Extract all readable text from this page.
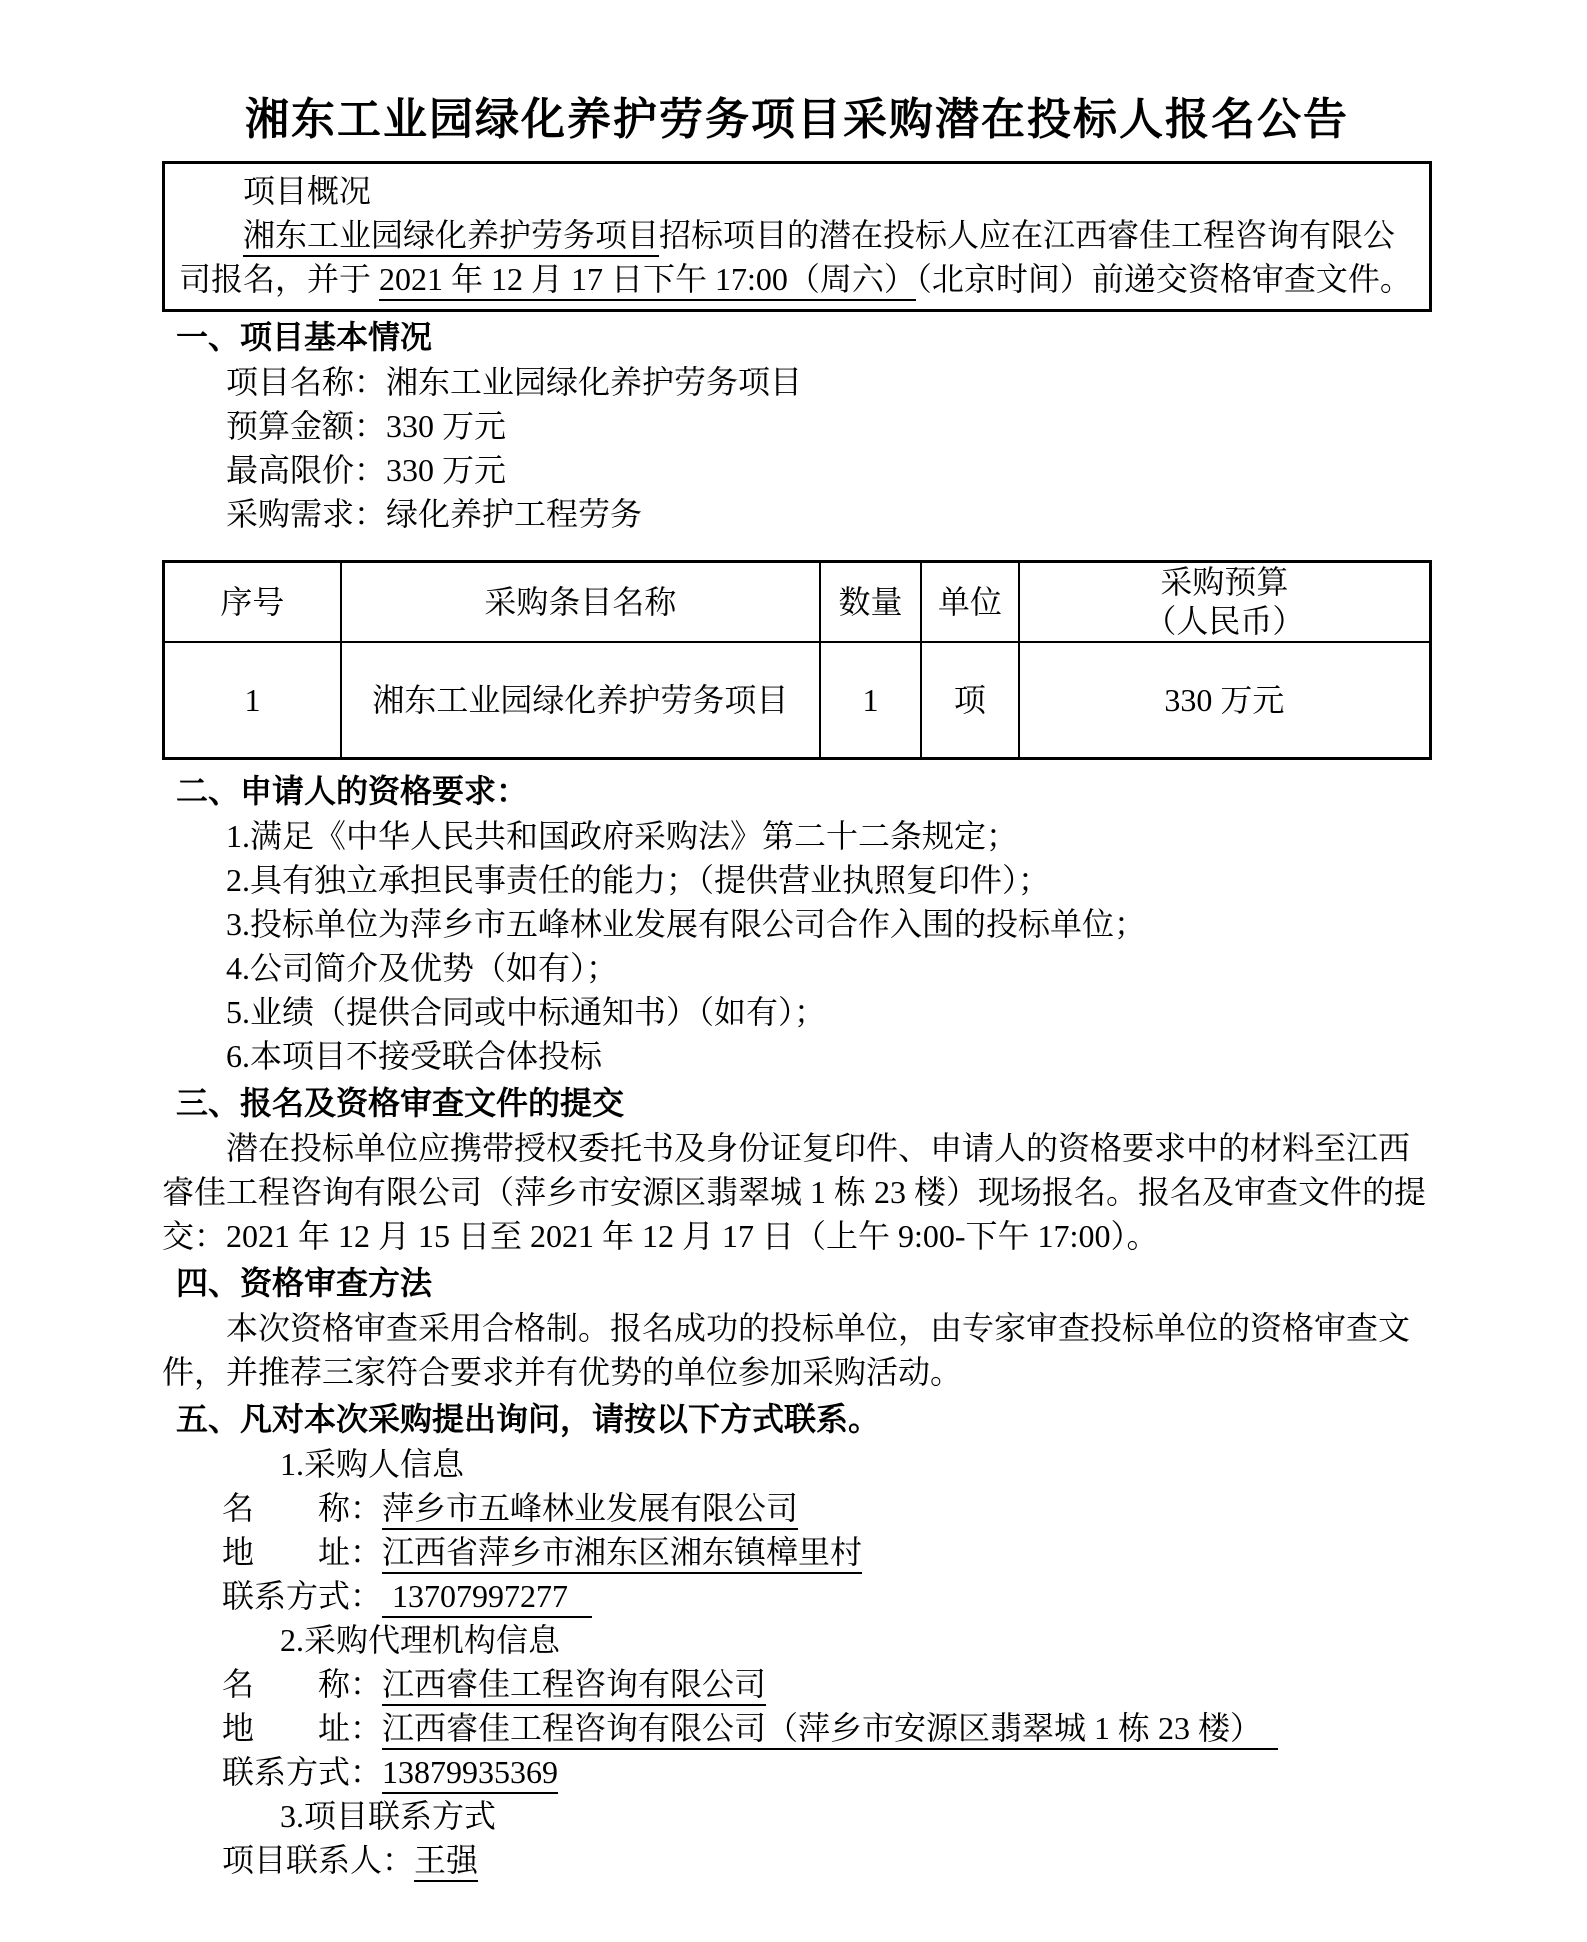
湘东工业园绿化养护劳务项目采购潜在投标人报名公告

项目概况

湘东工业园绿化养护劳务项目招标项目的潜在投标人应在江西睿佳工程咨询有限公司报名，并于 2021 年 12 月 17 日下午 17:00（周六）（北京时间）前递交资格审查文件。

一、项目基本情况

项目名称：湘东工业园绿化养护劳务项目

预算金额：330 万元

最高限价：330 万元

采购需求：绿化养护工程劳务

序号	采购条目名称	数量	单位	采购预算
（人民币）

1	湘东工业园绿化养护劳务项目	1	项	330 万元
二、申请人的资格要求：

1.满足《中华人民共和国政府采购法》第二十二条规定；

2.具有独立承担民事责任的能力；（提供营业执照复印件）；

3.投标单位为萍乡市五峰林业发展有限公司合作入围的投标单位；

4.公司简介及优势（如有）；

5.业绩（提供合同或中标通知书）（如有）；

6.本项目不接受联合体投标

三、报名及资格审查文件的提交

潜在投标单位应携带授权委托书及身份证复印件、申请人的资格要求中的材料至江西睿佳工程咨询有限公司（萍乡市安源区翡翠城 1 栋 23 楼）现场报名。报名及审查文件的提交：2021 年 12 月 15 日至 2021 年 12 月 17 日（上午 9:00-下午 17:00）。

四、资格审查方法

本次资格审查采用合格制。报名成功的投标单位，由专家审查投标单位的资格审查文件，并推荐三家符合要求并有优势的单位参加采购活动。

五、凡对本次采购提出询问，请按以下方式联系。

1.采购人信息

名　　称：萍乡市五峰林业发展有限公司

地　　址：江西省萍乡市湘东区湘东镇樟里村

联系方式： 13707997277

2.采购代理机构信息

名　　称：江西睿佳工程咨询有限公司

地　　址：江西睿佳工程咨询有限公司（萍乡市安源区翡翠城 1 栋 23 楼）

联系方式：13879935369

3.项目联系方式

项目联系人：王强
